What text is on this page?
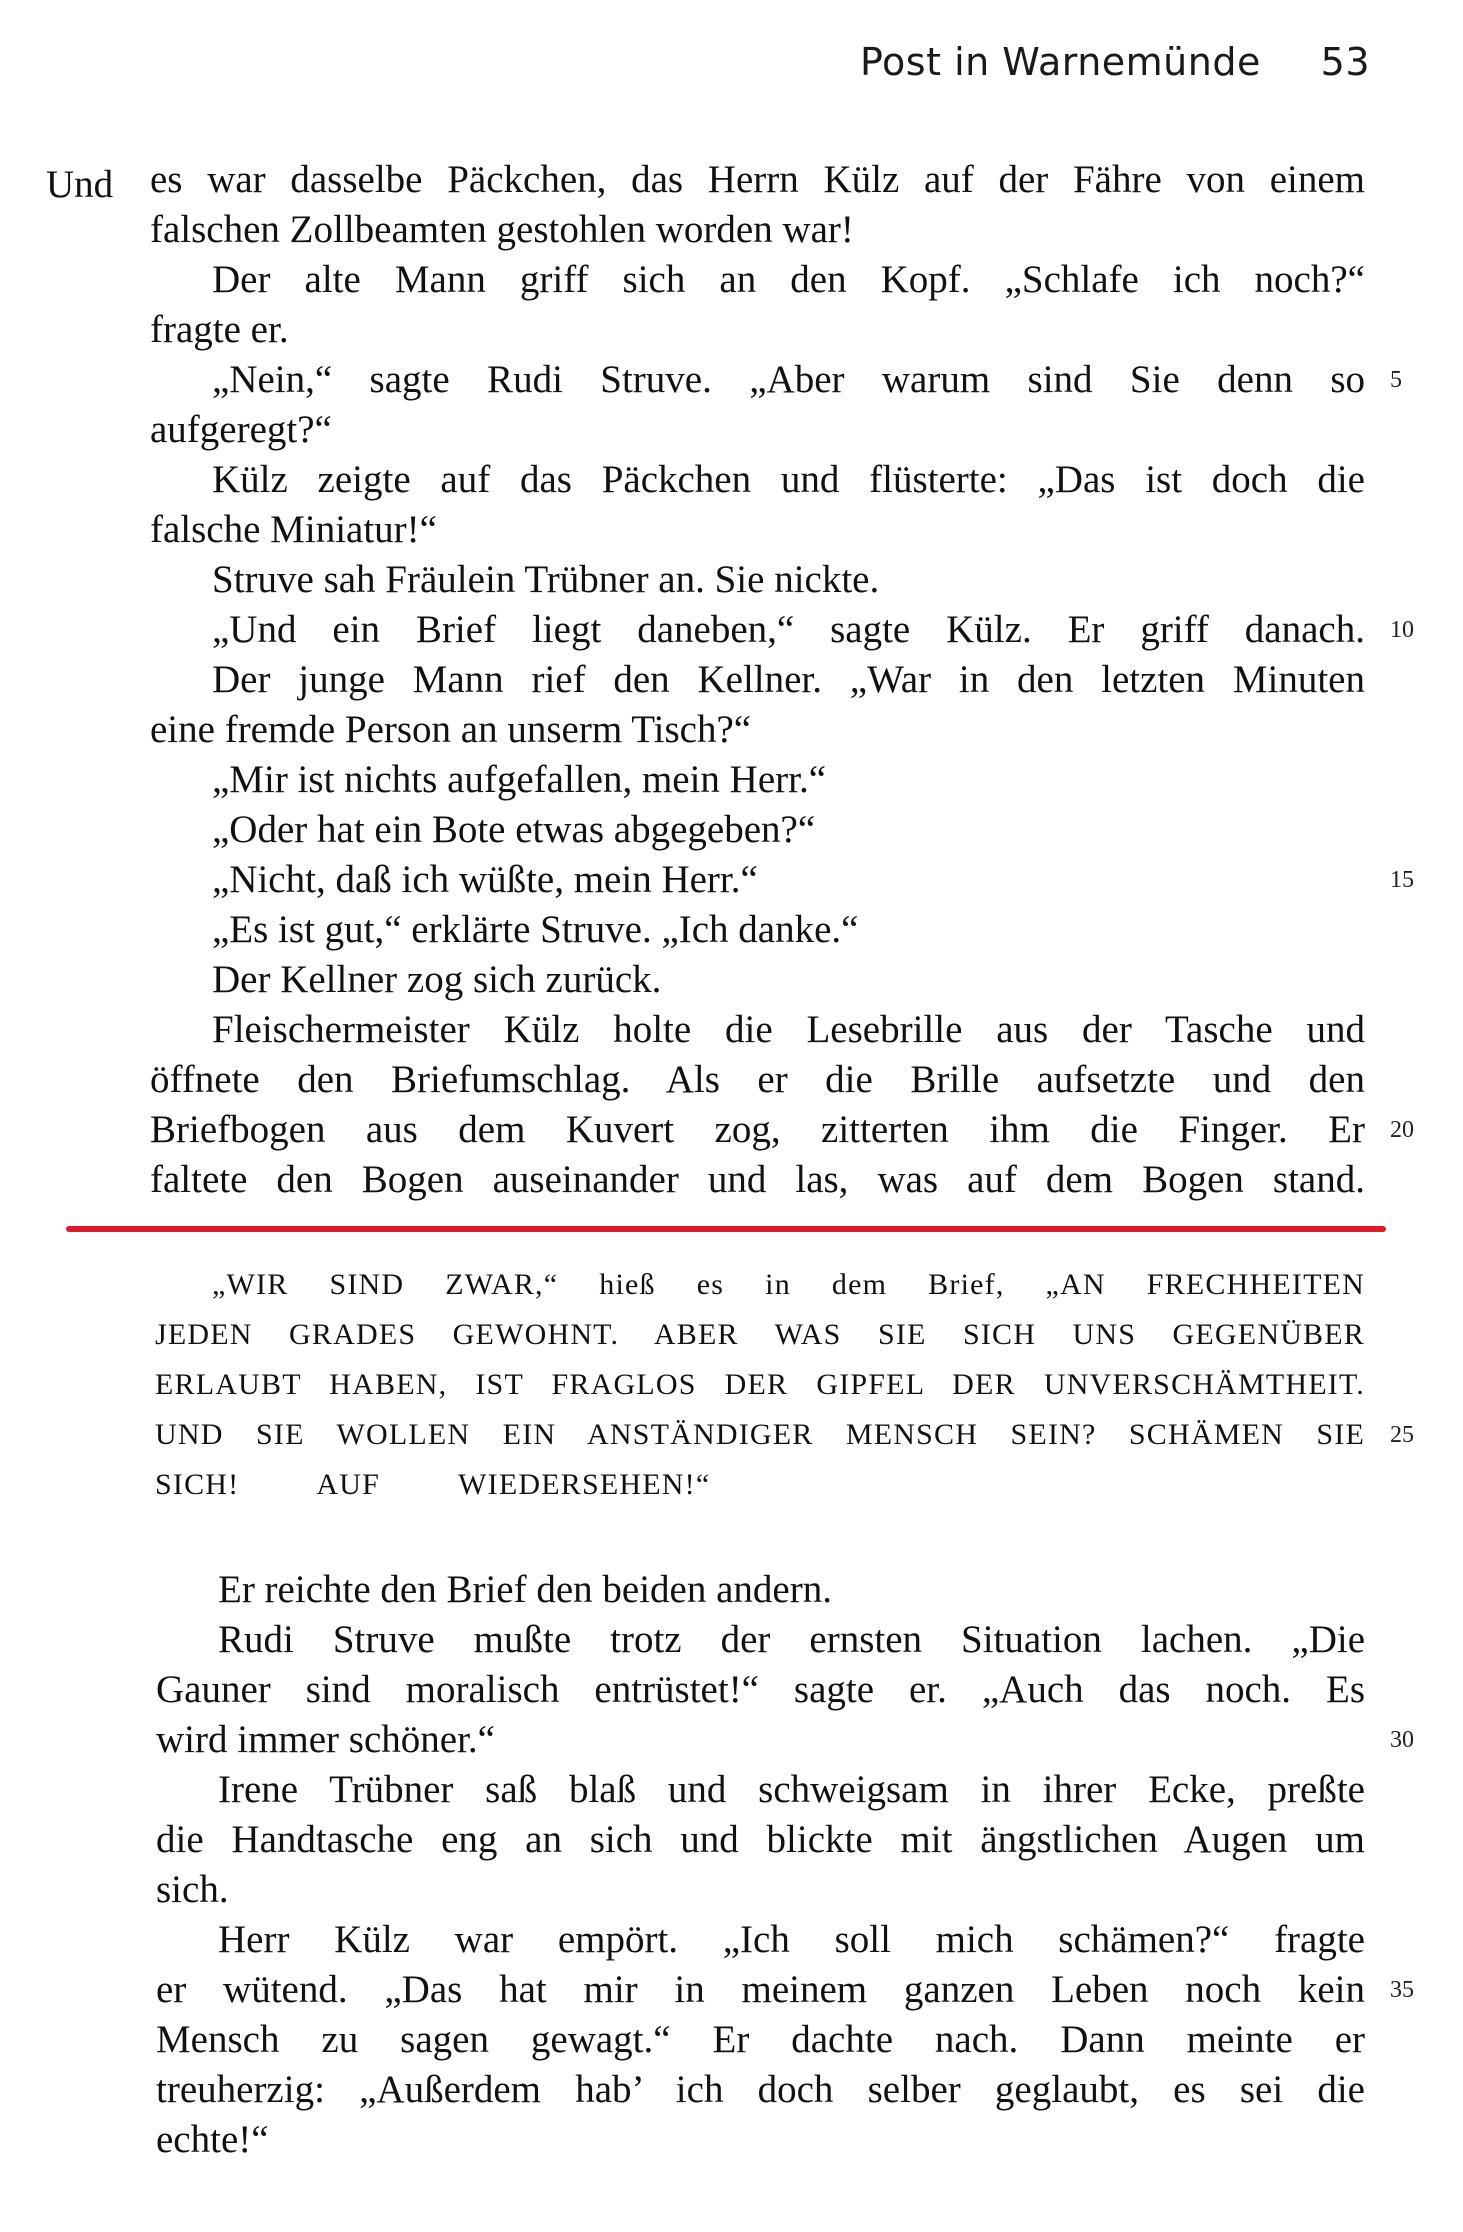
Post in Warnemünde 53
Und es war dasselbe Päckchen, das Herrn Külz auf der Fähre von einem
falschen Zollbeamten gestohlen worden war!
Der alte Mann griff sich an den Kopf. „Schlafe ich noch?“
fragte er.
„Nein,“ sagte Rudi Struve. „Aber warum sind Sie denn so
aufgeregt?“
Külz zeigte auf das Päckchen und flüsterte: „Das ist doch die
falsche Miniatur!“
Struve sah Fräulein Trübner an. Sie nickte.
„Und ein Brief liegt daneben,“ sagte Külz. Er griff danach.
Der junge Mann rief den Kellner. „War in den letzten Minuten
eine fremde Person an unserm Tisch?“
„Mir ist nichts aufgefallen, mein Herr.“
„Oder hat ein Bote etwas abgegeben?“
„Nicht, daß ich wüßte, mein Herr.“
„Es ist gut,“ erklärte Struve. „Ich danke.“
Der Kellner zog sich zurück.
Fleischermeister Külz holte die Lesebrille aus der Tasche und
öffnete den Briefumschlag. Als er die Brille aufsetzte und den
Briefbogen aus dem Kuvert zog, zitterten ihm die Finger. Er
faltete den Bogen auseinander und las, was auf dem Bogen stand.
„WIR SIND ZWAR,“ hieß es in dem Brief, „AN FRECHHEITEN
JEDEN GRADES GEWOHNT. ABER WAS SIE SICH UNS GEGENÜBER
ERLAUBT HABEN, IST FRAGLOS DER GIPFEL DER UNVERSCHÄMTHEIT.
UND SIE WOLLEN EIN ANSTÄNDIGER MENSCH SEIN? SCHÄMEN SIE
SICH! AUF WIEDERSEHEN!“
Er reichte den Brief den beiden andern.
Rudi Struve mußte trotz der ernsten Situation lachen. „Die
Gauner sind moralisch entrüstet!“ sagte er. „Auch das noch. Es
wird immer schöner.“
Irene Trübner saß blaß und schweigsam in ihrer Ecke, preßte
die Handtasche eng an sich und blickte mit ängstlichen Augen um
sich.
Herr Külz war empört. „Ich soll mich schämen?“ fragte
er wütend. „Das hat mir in meinem ganzen Leben noch kein
Mensch zu sagen gewagt.“ Er dachte nach. Dann meinte er
treuherzig: „Außerdem hab’ ich doch selber geglaubt, es sei die
echte!“
5
10
15
20
25
30
35
